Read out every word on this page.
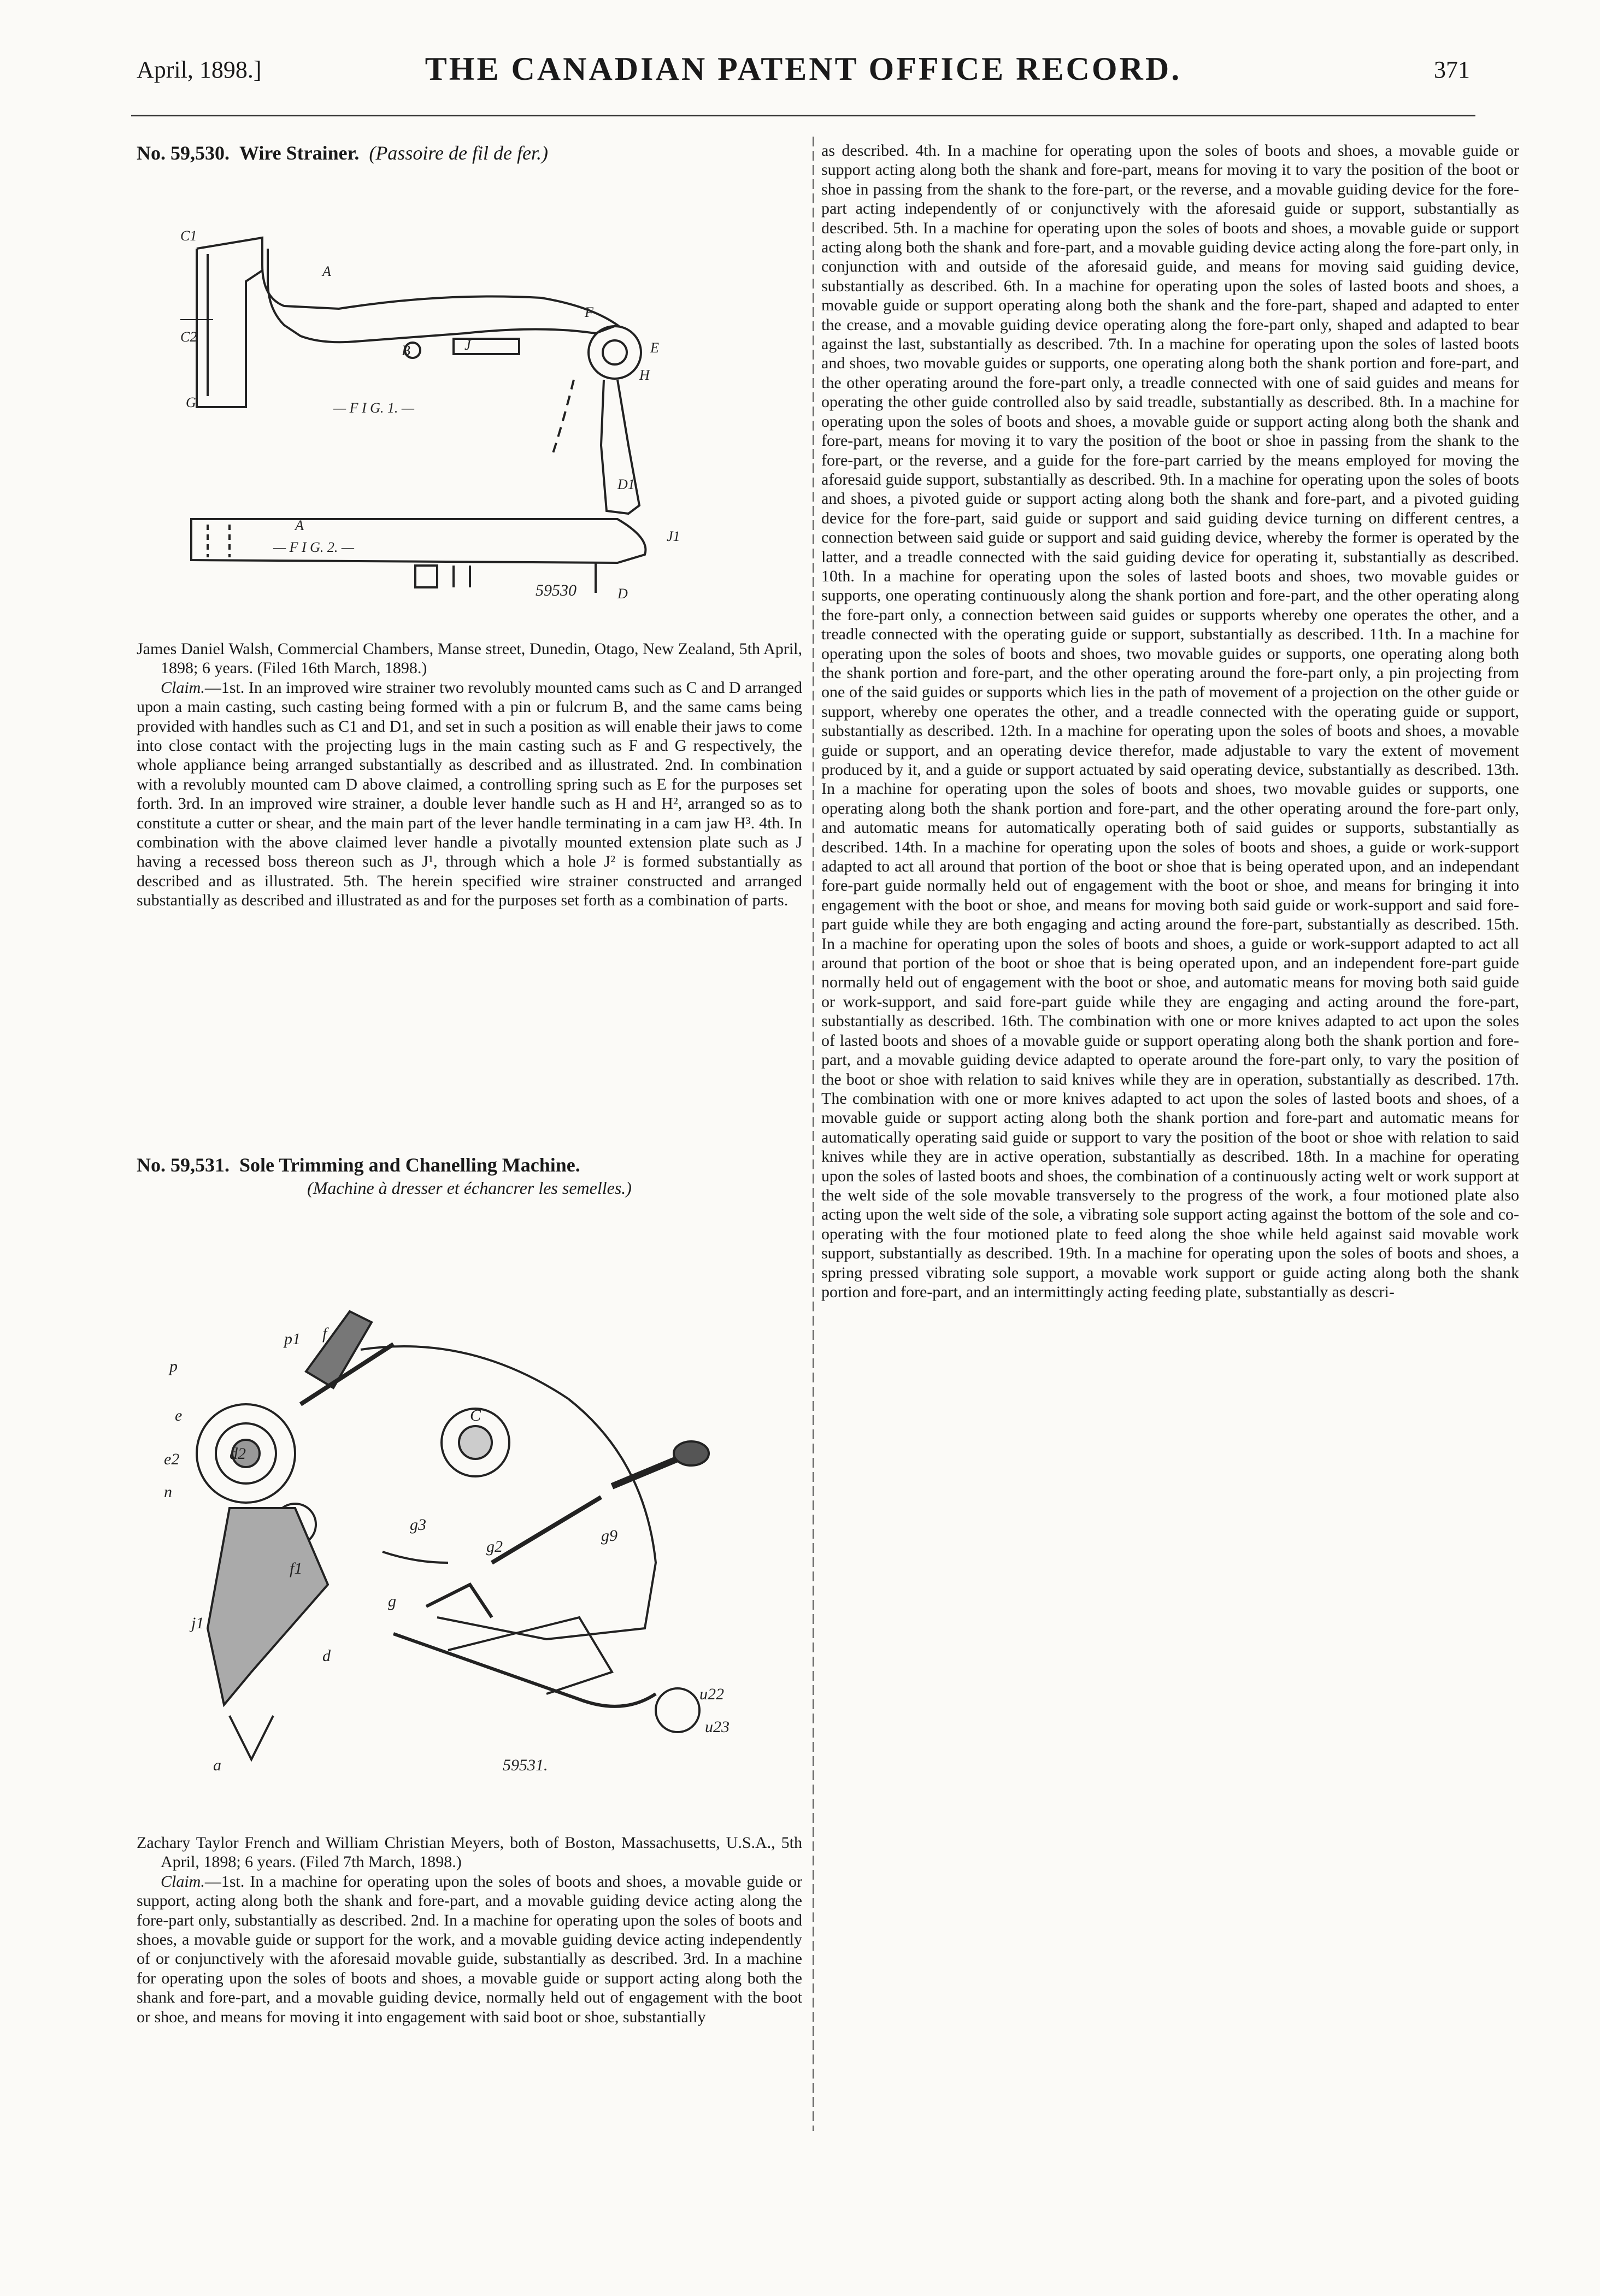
April, 1898.]	THE CANADIAN PATENT OFFICE RECORD.	371
No. 59,530. Wire Strainer. (Passoire de fil de fer.)
C1
A
C2
F
B	J	E
H
D1
D
A
J1
G	— F I G. 1. —
— F I G. 2. —
59530

James Daniel Walsh, Commercial Chambers, Manse street, Dunedin, Otago, New Zealand, 5th April, 1898; 6 years. (Filed 16th March, 1898.)

Claim.—1st. In an improved wire strainer two revolubly mounted cams such as C and D arranged upon a main casting, such casting being formed with a pin or fulcrum B, and the same cams being provided with handles such as C1 and D1, and set in such a position as will enable their jaws to come into close contact with the projecting lugs in the main casting such as F and G respectively, the whole appliance being arranged substantially as described and as illustrated. 2nd. In combination with a revolubly mounted cam D above claimed, a controlling spring such as E for the purposes set forth. 3rd. In an improved wire strainer, a double lever handle such as H and H², arranged so as to constitute a cutter or shear, and the main part of the lever handle terminating in a cam jaw H³. 4th. In combination with the above claimed lever handle a pivotally mounted extension plate such as J having a recessed boss thereon such as J¹, through which a hole J² is formed substantially as described and as illustrated. 5th. The herein specified wire strainer constructed and arranged substantially as described and illustrated as and for the purposes set forth as a combination of parts.

No. 59,531. Sole Trimming and Chanelling Machine.
(Machine à dresser et échancrer les semelles.)
p
p1 f
e
e2	d2
n
C
g3
g2
g
g9
f1
j1
d
u22
u23
a	59531.

Zachary Taylor French and William Christian Meyers, both of Boston, Massachusetts, U.S.A., 5th April, 1898; 6 years. (Filed 7th March, 1898.)

Claim.—1st. In a machine for operating upon the soles of boots and shoes, a movable guide or support, acting along both the shank and fore-part, and a movable guiding device acting along the fore-part only, substantially as described. 2nd. In a machine for operating upon the soles of boots and shoes, a movable guide or support for the work, and a movable guiding device acting independently of or conjunctively with the aforesaid movable guide, substantially as described. 3rd. In a machine for operating upon the soles of boots and shoes, a movable guide or support acting along both the shank and fore-part, and a movable guiding device, normally held out of engagement with the boot or shoe, and means for moving it into engagement with said boot or shoe, substantially

as described. 4th. In a machine for operating upon the soles of boots and shoes, a movable guide or support acting along both the shank and fore-part, means for moving it to vary the position of the boot or shoe in passing from the shank to the fore-part, or the reverse, and a movable guiding device for the fore-part acting independently of or conjunctively with the aforesaid guide or support, substantially as described. 5th. In a machine for operating upon the soles of boots and shoes, a movable guide or support acting along both the shank and fore-part, and a movable guiding device acting along the fore-part only, in conjunction with and outside of the aforesaid guide, and means for moving said guiding device, substantially as described. 6th. In a machine for operating upon the soles of lasted boots and shoes, a movable guide or support operating along both the shank and the fore-part, shaped and adapted to enter the crease, and a movable guiding device operating along the fore-part only, shaped and adapted to bear against the last, substantially as described. 7th. In a machine for operating upon the soles of lasted boots and shoes, two movable guides or supports, one operating along both the shank portion and fore-part, and the other operating around the fore-part only, a treadle connected with one of said guides and means for operating the other guide controlled also by said treadle, substantially as described. 8th. In a machine for operating upon the soles of boots and shoes, a movable guide or support acting along both the shank and fore-part, means for moving it to vary the position of the boot or shoe in passing from the shank to the fore-part, or the reverse, and a guide for the fore-part carried by the means employed for moving the aforesaid guide support, substantially as described. 9th. In a machine for operating upon the soles of boots and shoes, a pivoted guide or support acting along both the shank and fore-part, and a pivoted guiding device for the fore-part, said guide or support and said guiding device turning on different centres, a connection between said guide or support and said guiding device, whereby the former is operated by the latter, and a treadle connected with the said guiding device for operating it, substantially as described. 10th. In a machine for operating upon the soles of lasted boots and shoes, two movable guides or supports, one operating continuously along the shank portion and fore-part, and the other operating along the fore-part only, a connection between said guides or supports whereby one operates the other, and a treadle connected with the operating guide or support, substantially as described. 11th. In a machine for operating upon the soles of boots and shoes, two movable guides or supports, one operating along both the shank portion and fore-part, and the other operating around the fore-part only, a pin projecting from one of the said guides or supports which lies in the path of movement of a projection on the other guide or support, whereby one operates the other, and a treadle connected with the operating guide or support, substantially as described. 12th. In a machine for operating upon the soles of boots and shoes, a movable guide or support, and an operating device therefor, made adjustable to vary the extent of movement produced by it, and a guide or support actuated by said operating device, substantially as described. 13th. In a machine for operating upon the soles of boots and shoes, two movable guides or supports, one operating along both the shank portion and fore-part, and the other operating around the fore-part only, and automatic means for automatically operating both of said guides or supports, substantially as described. 14th. In a machine for operating upon the soles of boots and shoes, a guide or work-support adapted to act all around that portion of the boot or shoe that is being operated upon, and an independant fore-part guide normally held out of engagement with the boot or shoe, and means for bringing it into engagement with the boot or shoe, and means for moving both said guide or work-support and said fore-part guide while they are both engaging and acting around the fore-part, substantially as described. 15th. In a machine for operating upon the soles of boots and shoes, a guide or work-support adapted to act all around that portion of the boot or shoe that is being operated upon, and an independent fore-part guide normally held out of engagement with the boot or shoe, and automatic means for moving both said guide or work-support, and said fore-part guide while they are engaging and acting around the fore-part, substantially as described. 16th. The combination with one or more knives adapted to act upon the soles of lasted boots and shoes of a movable guide or support operating along both the shank portion and fore-part, and a movable guiding device adapted to operate around the fore-part only, to vary the position of the boot or shoe with relation to said knives while they are in operation, substantially as described. 17th. The combination with one or more knives adapted to act upon the soles of lasted boots and shoes, of a movable guide or support acting along both the shank portion and fore-part and automatic means for automatically operating said guide or support to vary the position of the boot or shoe with relation to said knives while they are in active operation, substantially as described. 18th. In a machine for operating upon the soles of lasted boots and shoes, the combination of a continuously acting welt or work support at the welt side of the sole movable transversely to the progress of the work, a four motioned plate also acting upon the welt side of the sole, a vibrating sole support acting against the bottom of the sole and co-operating with the four motioned plate to feed along the shoe while held against said movable work support, substantially as described. 19th. In a machine for operating upon the soles of boots and shoes, a spring pressed vibrating sole support, a movable work support or guide acting along both the shank portion and fore-part, and an intermittingly acting feeding plate, substantially as descri-
